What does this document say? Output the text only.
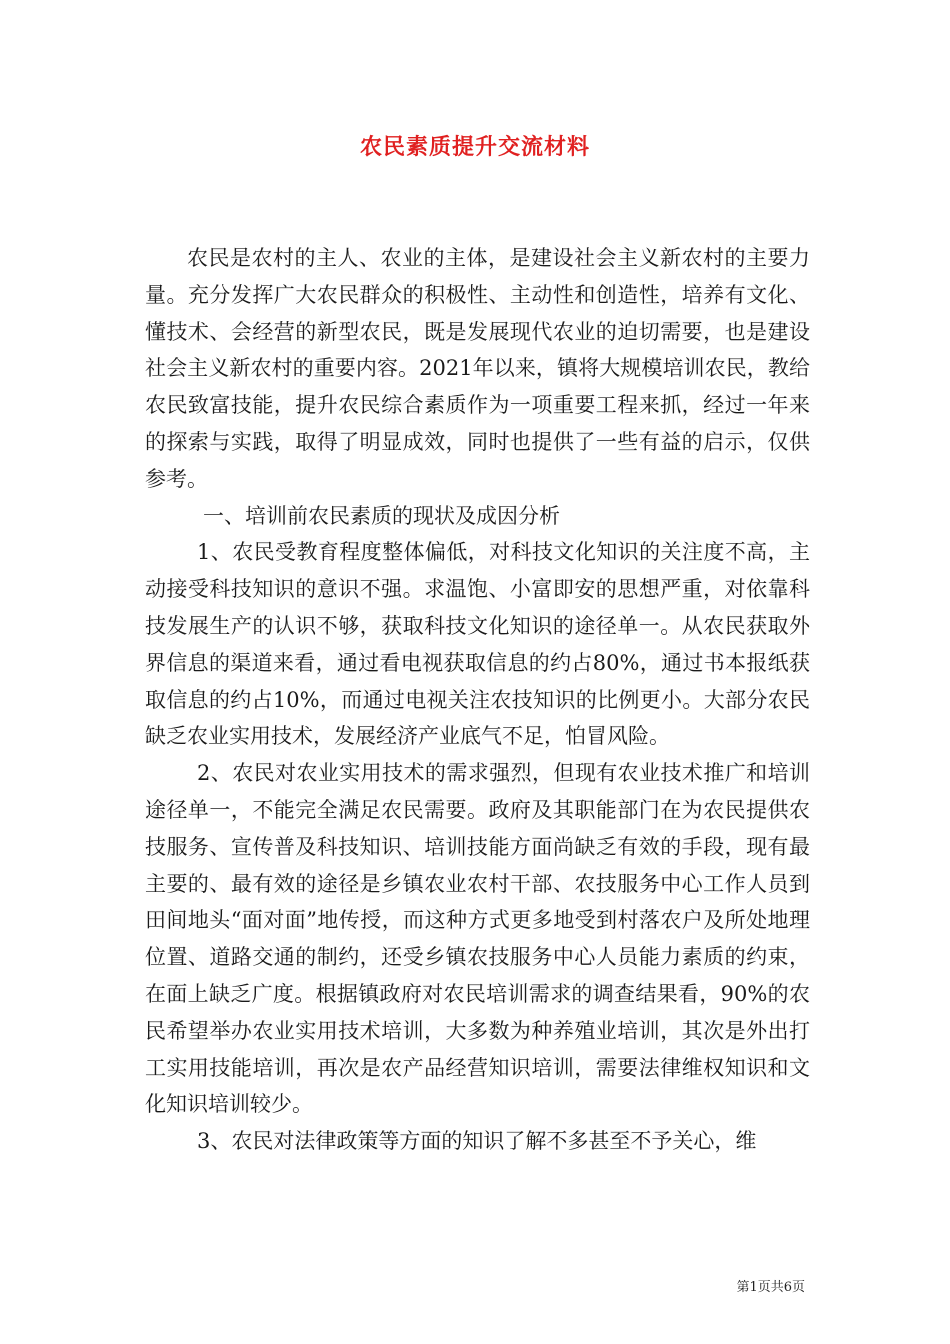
农民素质提升交流材料

农民是农村的主人、农业的主体，是建设社会主义新农村的主要力量。充分发挥广大农民群众的积极性、主动性和创造性，培养有文化、懂技术、会经营的新型农民，既是发展现代农业的迫切需要，也是建设社会主义新农村的重要内容。2021年以来，镇将大规模培训农民，教给农民致富技能，提升农民综合素质作为一项重要工程来抓，经过一年来的探索与实践，取得了明显成效，同时也提供了一些有益的启示，仅供参考。

一、培训前农民素质的现状及成因分析

1、农民受教育程度整体偏低，对科技文化知识的关注度不高，主动接受科技知识的意识不强。求温饱、小富即安的思想严重，对依靠科技发展生产的认识不够，获取科技文化知识的途径单一。从农民获取外界信息的渠道来看，通过看电视获取信息的约占80%，通过书本报纸获取信息的约占10%，而通过电视关注农技知识的比例更小。大部分农民缺乏农业实用技术，发展经济产业底气不足，怕冒风险。

2、农民对农业实用技术的需求强烈，但现有农业技术推广和培训途径单一，不能完全满足农民需要。政府及其职能部门在为农民提供农技服务、宣传普及科技知识、培训技能方面尚缺乏有效的手段，现有最主要的、最有效的途径是乡镇农业农村干部、农技服务中心工作人员到田间地头“面对面”地传授，而这种方式更多地受到村落农户及所处地理位置、道路交通的制约，还受乡镇农技服务中心人员能力素质的约束，在面上缺乏广度。根据镇政府对农民培训需求的调查结果看，90%的农民希望举办农业实用技术培训，大多数为种养殖业培训，其次是外出打工实用技能培训，再次是农产品经营知识培训，需要法律维权知识和文化知识培训较少。

3、农民对法律政策等方面的知识了解不多甚至不予关心，维

第1页共6页
